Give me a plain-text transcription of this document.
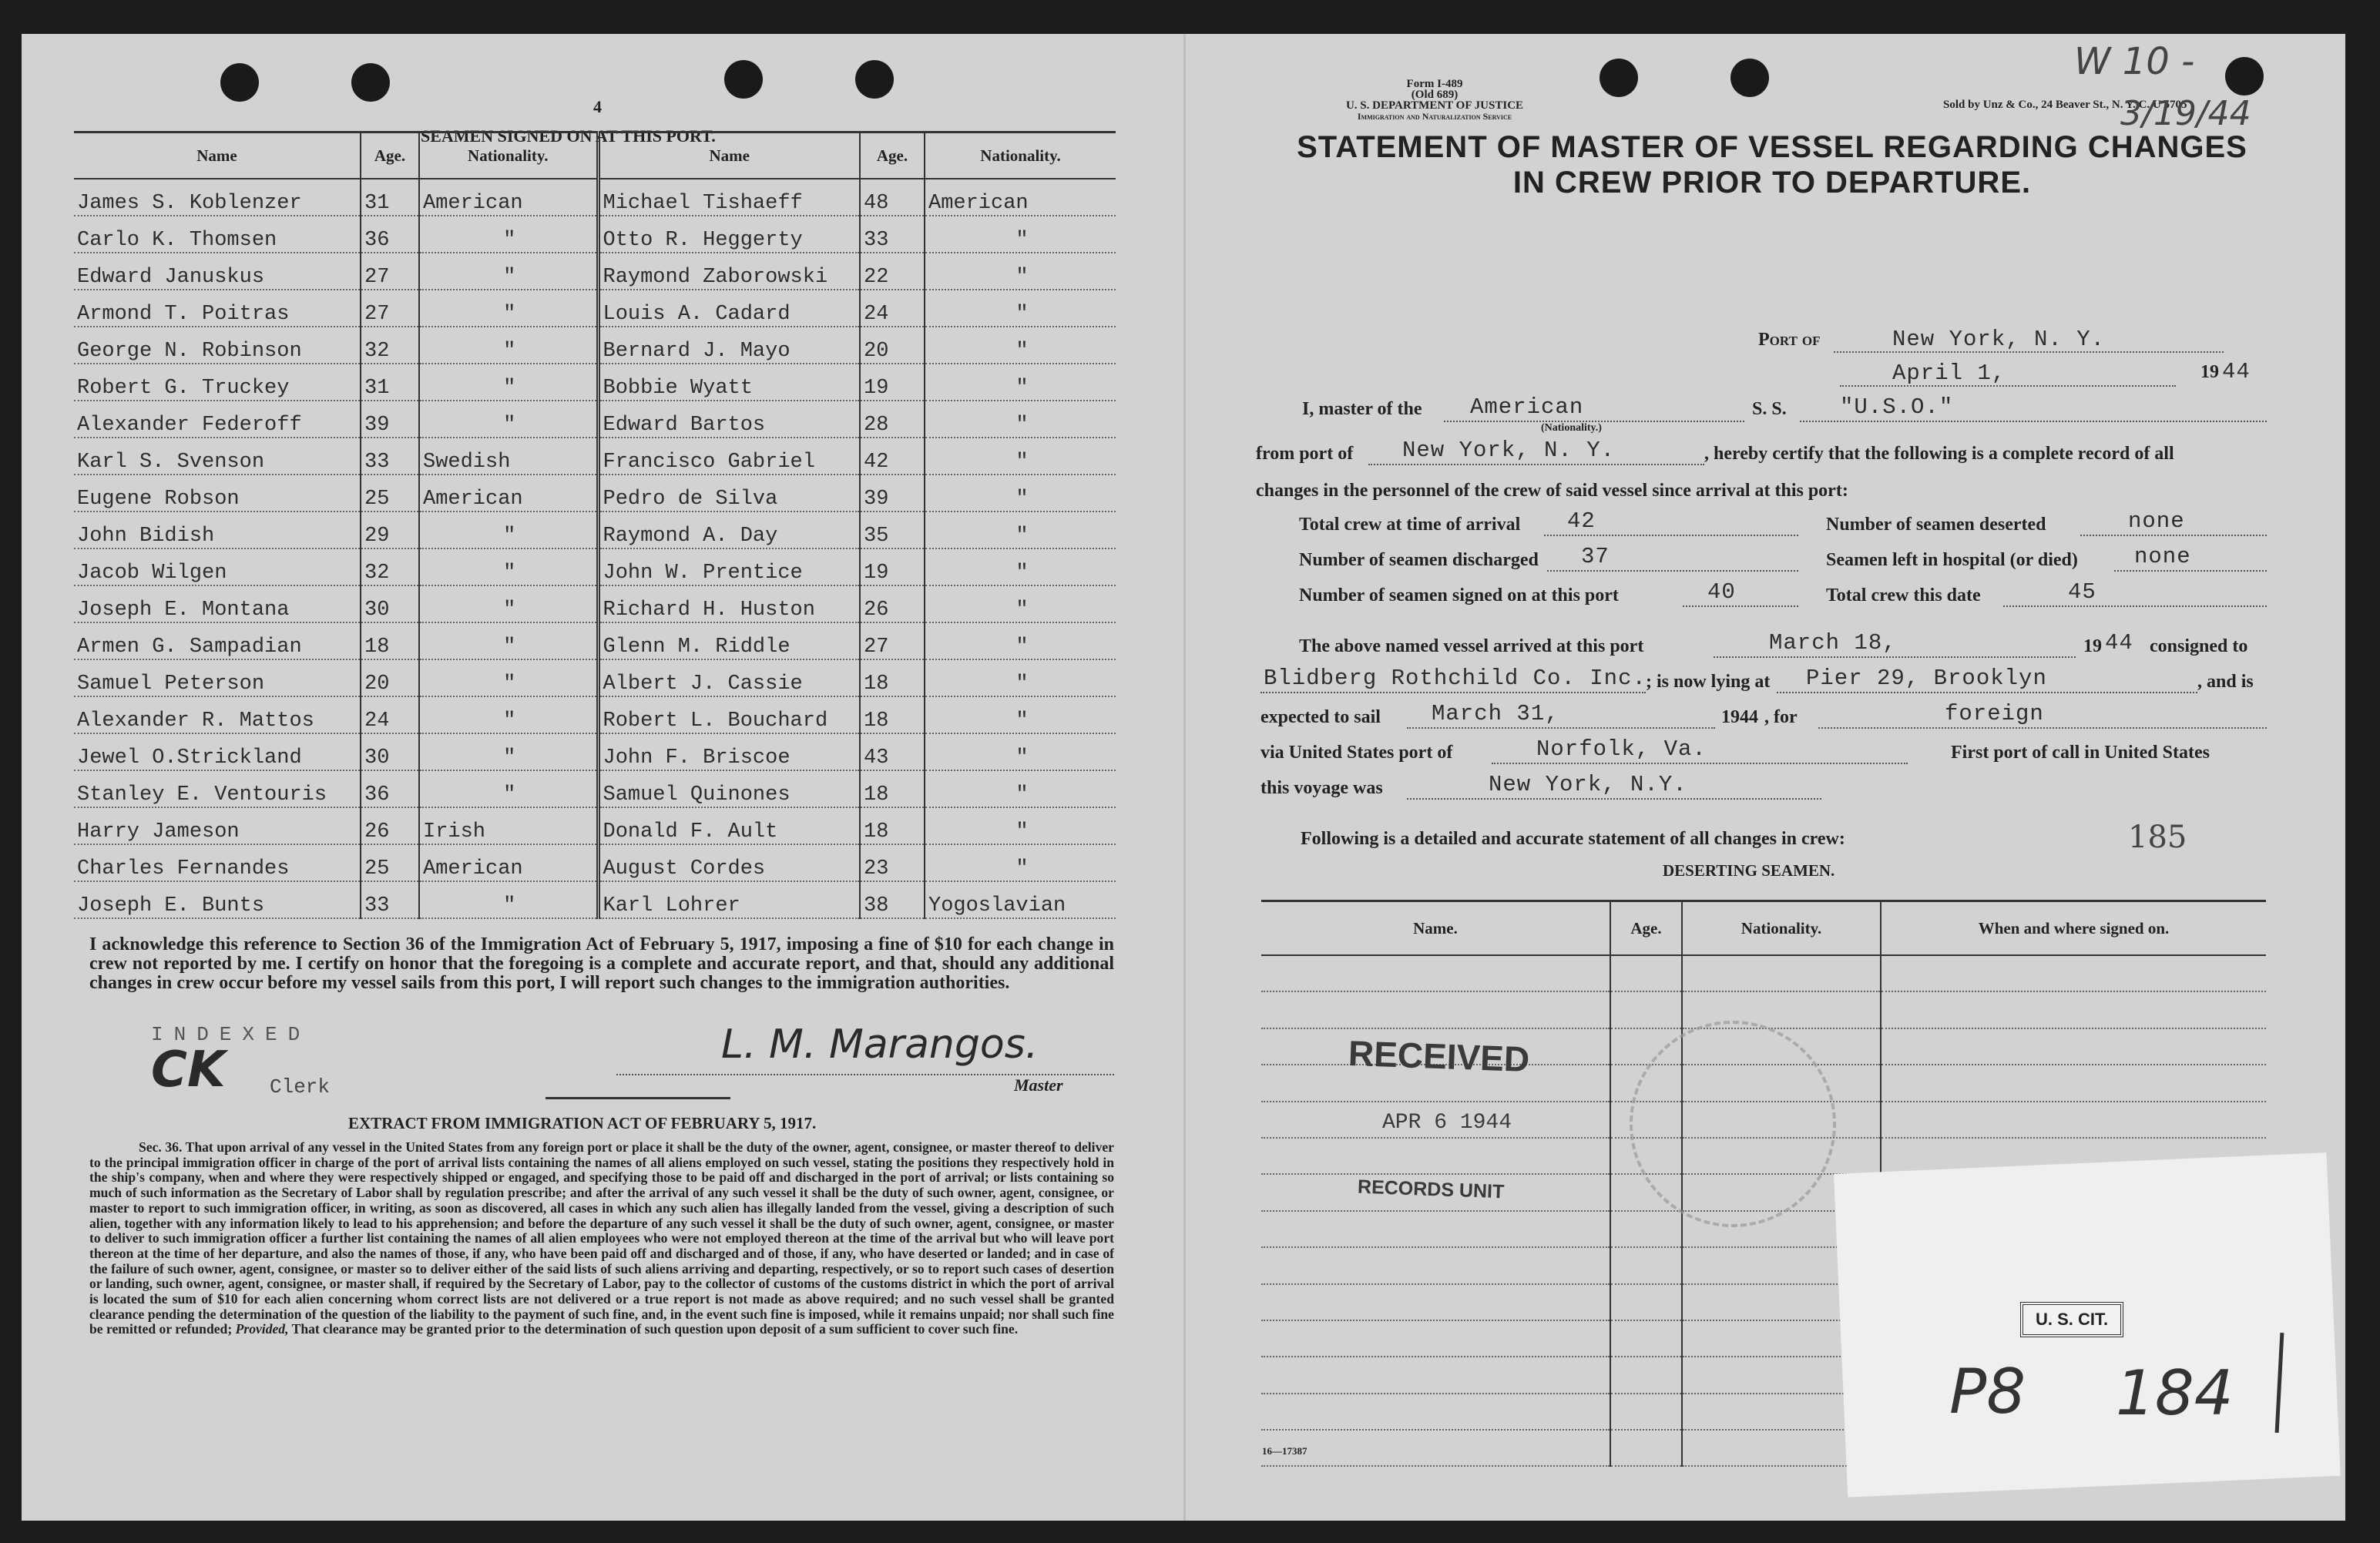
4
SEAMEN SIGNED ON AT THIS PORT.
Name	Age.	Nationality.	Name	Age.	Nationality.
James S. Koblenzer	31	American	Michael Tishaeff	48	American
Carlo K. Thomsen	36	"	Otto R. Heggerty	33	"
Edward Januskus	27	"	Raymond Zaborowski	22	"
Armond T. Poitras	27	"	Louis A. Cadard	24	"
George N. Robinson	32	"	Bernard J. Mayo	20	"
Robert G. Truckey	31	"	Bobbie Wyatt	19	"
Alexander Federoff	39	"	Edward Bartos	28	"
Karl S. Svenson	33	Swedish	Francisco Gabriel	42	"
Eugene Robson	25	American	Pedro de Silva	39	"
John Bidish	29	"	Raymond A. Day	35	"
Jacob Wilgen	32	"	John W. Prentice	19	"
Joseph E. Montana	30	"	Richard H. Huston	26	"
Armen G. Sampadian	18	"	Glenn M. Riddle	27	"
Samuel Peterson	20	"	Albert J. Cassie	18	"
Alexander R. Mattos	24	"	Robert L. Bouchard	18	"
Jewel O.Strickland	30	"	John F. Briscoe	43	"
Stanley E. Ventouris	36	"	Samuel Quinones	18	"
Harry Jameson	26	Irish	Donald F. Ault	18	"
Charles Fernandes	25	American	August Cordes	23	"
Joseph E. Bunts	33	"	Karl Lohrer	38	Yogoslavian
I acknowledge this reference to Section 36 of the Immigration Act of February 5, 1917, imposing a fine of $10 for each change in crew not reported by me. I certify on honor that the foregoing is a complete and accurate report, and that, should any additional changes in crew occur before my vessel sails from this port, I will report such changes to the immigration authorities.
INDEXED
CK Clerk
L. M. Marangos.
Master
EXTRACT FROM IMMIGRATION ACT OF FEBRUARY 5, 1917.
Sec. 36. That upon arrival of any vessel in the United States from any foreign port or place it shall be the duty of the owner, agent, consignee, or master thereof to deliver to the principal immigration officer in charge of the port of arrival lists containing the names of all aliens employed on such vessel, stating the positions they respectively hold in the ship's company, when and where they were respectively shipped or engaged, and specifying those to be paid off and discharged in the port of arrival; or lists containing so much of such information as the Secretary of Labor shall by regulation prescribe; and after the arrival of any such vessel it shall be the duty of such owner, agent, consignee, or master to report to such immigration officer, in writing, as soon as discovered, all cases in which any such alien has illegally landed from the vessel, giving a description of such alien, together with any information likely to lead to his apprehension; and before the departure of any such vessel it shall be the duty of such owner, agent, consignee, or master to deliver to such immigration officer a further list containing the names of all alien employees who were not employed thereon at the time of the arrival but who will leave port thereon at the time of her departure, and also the names of those, if any, who have been paid off and discharged and of those, if any, who have deserted or landed; and in case of the failure of such owner, agent, consignee, or master so to deliver either of the said lists of such aliens arriving and departing, respectively, or so to report such cases of desertion or landing, such owner, agent, consignee, or master shall, if required by the Secretary of Labor, pay to the collector of customs of the customs district in which the port of arrival is located the sum of $10 for each alien concerning whom correct lists are not delivered or a true report is not made as above required; and no such vessel shall be granted clearance pending the determination of the question of the liability to the payment of such fine, and, in the event such fine is imposed, while it remains unpaid; nor shall such fine be remitted or refunded; Provided, That clearance may be granted prior to the determination of such question upon deposit of a sum sufficient to cover such fine.
Form I-489
(Old 689)
U. S. DEPARTMENT OF JUSTICE
Immigration and Naturalization Service
Sold by Unz & Co., 24 Beaver St., N. Y. C. U 5705
W 10 -
3/19/44
STATEMENT OF MASTER OF VESSEL REGARDING CHANGES
IN CREW PRIOR TO DEPARTURE.
Port of	New York, N. Y.
April 1,	19 44
I, master of the American
(Nationality.)
S. S. "U.S.O."
from port of New York, N. Y.	, hereby certify that the following is a complete record of all
changes in the personnel of the crew of said vessel since arrival at this port:
Total crew at time of arrival 42	Number of seamen deserted	none
Number of seamen discharged 37	Seamen left in hospital (or died)	none
Number of seamen signed on at this port	40	Total crew this date	45
The above named vessel arrived at this port	March 18,	19 44 consigned to
Blidberg Rothchild Co. Inc. ; is now lying at Pier 29, Brooklyn	, and is
expected to sail March 31,	1944 , for	foreign
via United States port of	Norfolk, Va.	First port of call in United States
this voyage was	New York, N.Y.
Following is a detailed and accurate statement of all changes in crew:	185
DESERTING SEAMEN.
Name.	Age.	Nationality.	When and where signed on.

RECEIVED
APR 6 1944
RECORDS UNIT
U. S. CIT.
P8 184
16—17387
